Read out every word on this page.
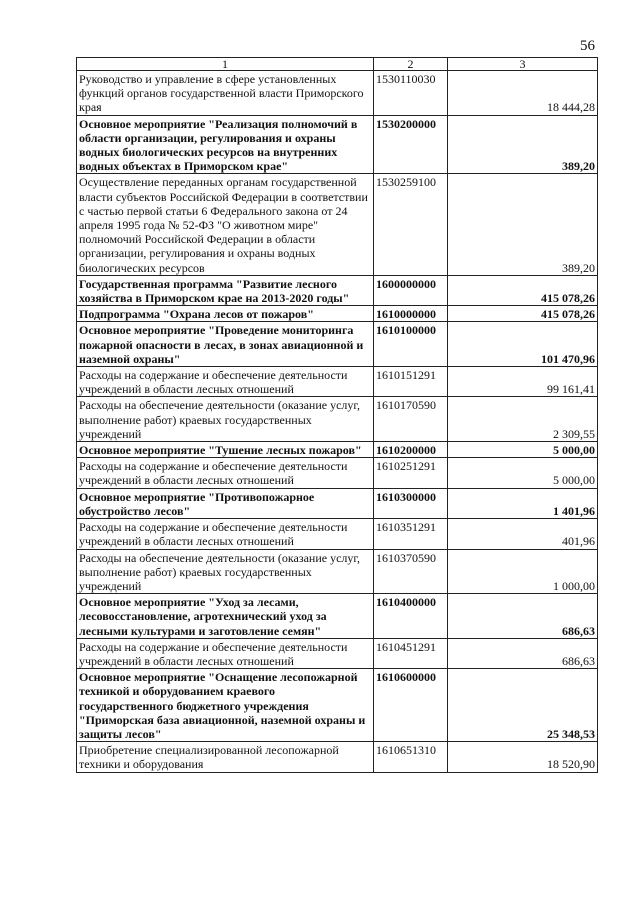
56
1	2	3
Руководство и управление в сфере установленных функций органов государственной власти Приморского края	1530110030	18 444,28
Основное мероприятие "Реализация полномочий в области организации, регулирования и охраны водных биологических ресурсов на внутренних водных объектах в Приморском крае"	1530200000	389,20
Осуществление переданных органам государственной власти субъектов Российской Федерации в соответствии с частью первой статьи 6 Федерального закона от 24 апреля 1995 года № 52-ФЗ "О животном мире" полномочий Российской Федерации в области организации, регулирования и охраны водных биологических ресурсов	1530259100	389,20
Государственная программа "Развитие лесного хозяйства в Приморском крае на 2013-2020 годы"	1600000000	415 078,26
Подпрограмма "Охрана лесов от пожаров"	1610000000	415 078,26
Основное мероприятие "Проведение мониторинга пожарной опасности в лесах, в зонах авиационной и наземной охраны"	1610100000	101 470,96
Расходы на содержание и обеспечение деятельности учреждений в области лесных отношений	1610151291	99 161,41
Расходы на обеспечение деятельности (оказание услуг, выполнение работ) краевых государственных учреждений	1610170590	2 309,55
Основное мероприятие "Тушение лесных пожаров"	1610200000	5 000,00
Расходы на содержание и обеспечение деятельности учреждений в области лесных отношений	1610251291	5 000,00
Основное мероприятие "Противопожарное обустройство лесов"	1610300000	1 401,96
Расходы на содержание и обеспечение деятельности учреждений в области лесных отношений	1610351291	401,96
Расходы на обеспечение деятельности (оказание услуг, выполнение работ) краевых государственных учреждений	1610370590	1 000,00
Основное мероприятие "Уход за лесами, лесовосстановление, агротехнический уход за лесными культурами и заготовление семян"	1610400000	686,63
Расходы на содержание и обеспечение деятельности учреждений в области лесных отношений	1610451291	686,63
Основное мероприятие "Оснащение лесопожарной техникой и оборудованием краевого государственного бюджетного учреждения "Приморская база авиационной, наземной охраны и защиты лесов"	1610600000	25 348,53
Приобретение специализированной лесопожарной техники и оборудования	1610651310	18 520,90
